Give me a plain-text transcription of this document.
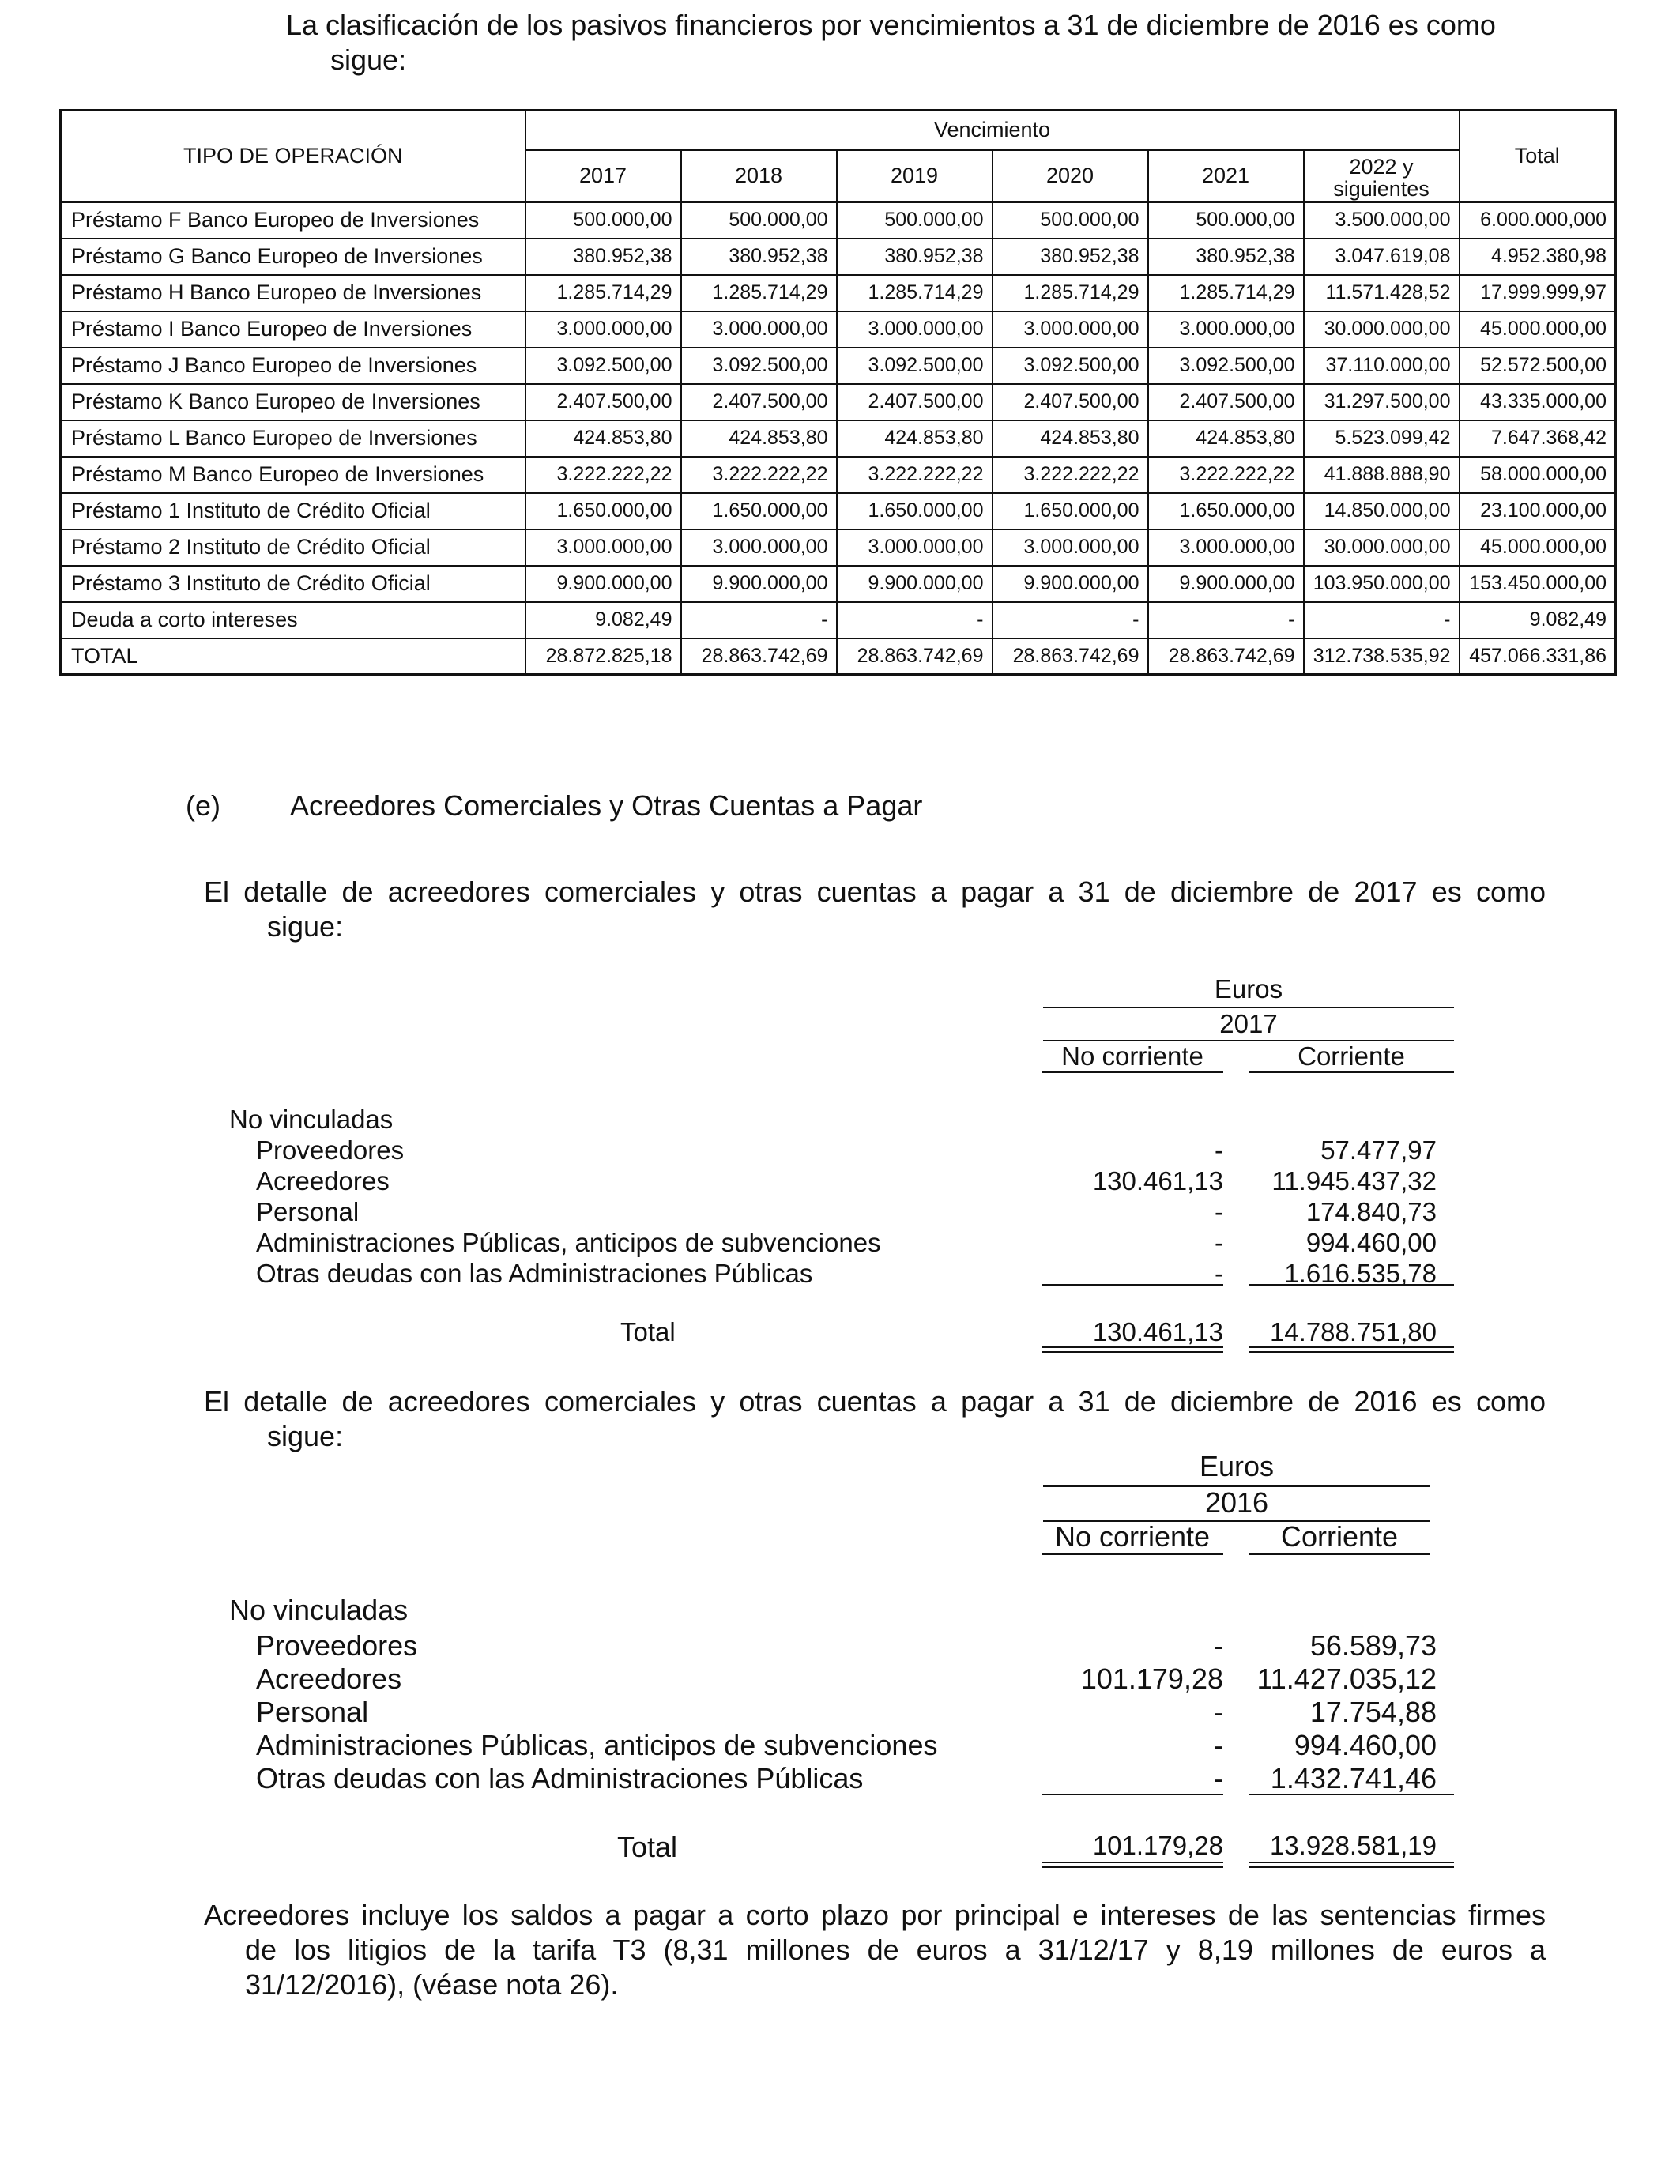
La clasificación de los pasivos financieros por vencimientos a 31 de diciembre de 2016 es como
sigue:
TIPO DE OPERACIÓN	Vencimiento						Total
	2017	2018	2019	2020	2021	2022 y
siguientes	
Préstamo F Banco Europeo de Inversiones	500.000,00	500.000,00	500.000,00	500.000,00	500.000,00	3.500.000,00	6.000.000,000
Préstamo G Banco Europeo de Inversiones	380.952,38	380.952,38	380.952,38	380.952,38	380.952,38	3.047.619,08	4.952.380,98
Préstamo H Banco Europeo de Inversiones	1.285.714,29	1.285.714,29	1.285.714,29	1.285.714,29	1.285.714,29	11.571.428,52	17.999.999,97
Préstamo I Banco Europeo de Inversiones	3.000.000,00	3.000.000,00	3.000.000,00	3.000.000,00	3.000.000,00	30.000.000,00	45.000.000,00
Préstamo J Banco Europeo de Inversiones	3.092.500,00	3.092.500,00	3.092.500,00	3.092.500,00	3.092.500,00	37.110.000,00	52.572.500,00
Préstamo K Banco Europeo de Inversiones	2.407.500,00	2.407.500,00	2.407.500,00	2.407.500,00	2.407.500,00	31.297.500,00	43.335.000,00
Préstamo L Banco Europeo de Inversiones	424.853,80	424.853,80	424.853,80	424.853,80	424.853,80	5.523.099,42	7.647.368,42
Préstamo M Banco Europeo de Inversiones	3.222.222,22	3.222.222,22	3.222.222,22	3.222.222,22	3.222.222,22	41.888.888,90	58.000.000,00
Préstamo 1 Instituto de Crédito Oficial	1.650.000,00	1.650.000,00	1.650.000,00	1.650.000,00	1.650.000,00	14.850.000,00	23.100.000,00
Préstamo 2 Instituto de Crédito Oficial	3.000.000,00	3.000.000,00	3.000.000,00	3.000.000,00	3.000.000,00	30.000.000,00	45.000.000,00
Préstamo 3 Instituto de Crédito Oficial	9.900.000,00	9.900.000,00	9.900.000,00	9.900.000,00	9.900.000,00	103.950.000,00	153.450.000,00
Deuda a corto intereses	9.082,49	-	-	-	-	-	9.082,49
TOTAL	28.872.825,18	28.863.742,69	28.863.742,69	28.863.742,69	28.863.742,69	312.738.535,92	457.066.331,86
(e) Acreedores Comerciales y Otras Cuentas a Pagar
El detalle de acreedores comerciales y otras cuentas a pagar a 31 de diciembre de 2017 es como
sigue:
Euros
2017
No corriente	Corriente
No vinculadas
Proveedores	-	57.477,97
Acreedores	130.461,13	11.945.437,32
Personal	-	174.840,73
Administraciones Públicas, anticipos de subvenciones	-	994.460,00
Otras deudas con las Administraciones Públicas	-	1.616.535,78
Total	130.461,13	14.788.751,80
El detalle de acreedores comerciales y otras cuentas a pagar a 31 de diciembre de 2016 es como
sigue:
Euros
2016
No corriente	Corriente
No vinculadas
Proveedores	-	56.589,73
Acreedores	101.179,28	11.427.035,12
Personal	-	17.754,88
Administraciones Públicas, anticipos de subvenciones	-	994.460,00
Otras deudas con las Administraciones Públicas	-	1.432.741,46
Total	101.179,28	13.928.581,19
Acreedores incluye los saldos a pagar a corto plazo por principal e intereses de las sentencias firmes
de los litigios de la tarifa T3 (8,31 millones de euros a 31/12/17 y 8,19 millones de euros a
31/12/2016), (véase nota 26).
